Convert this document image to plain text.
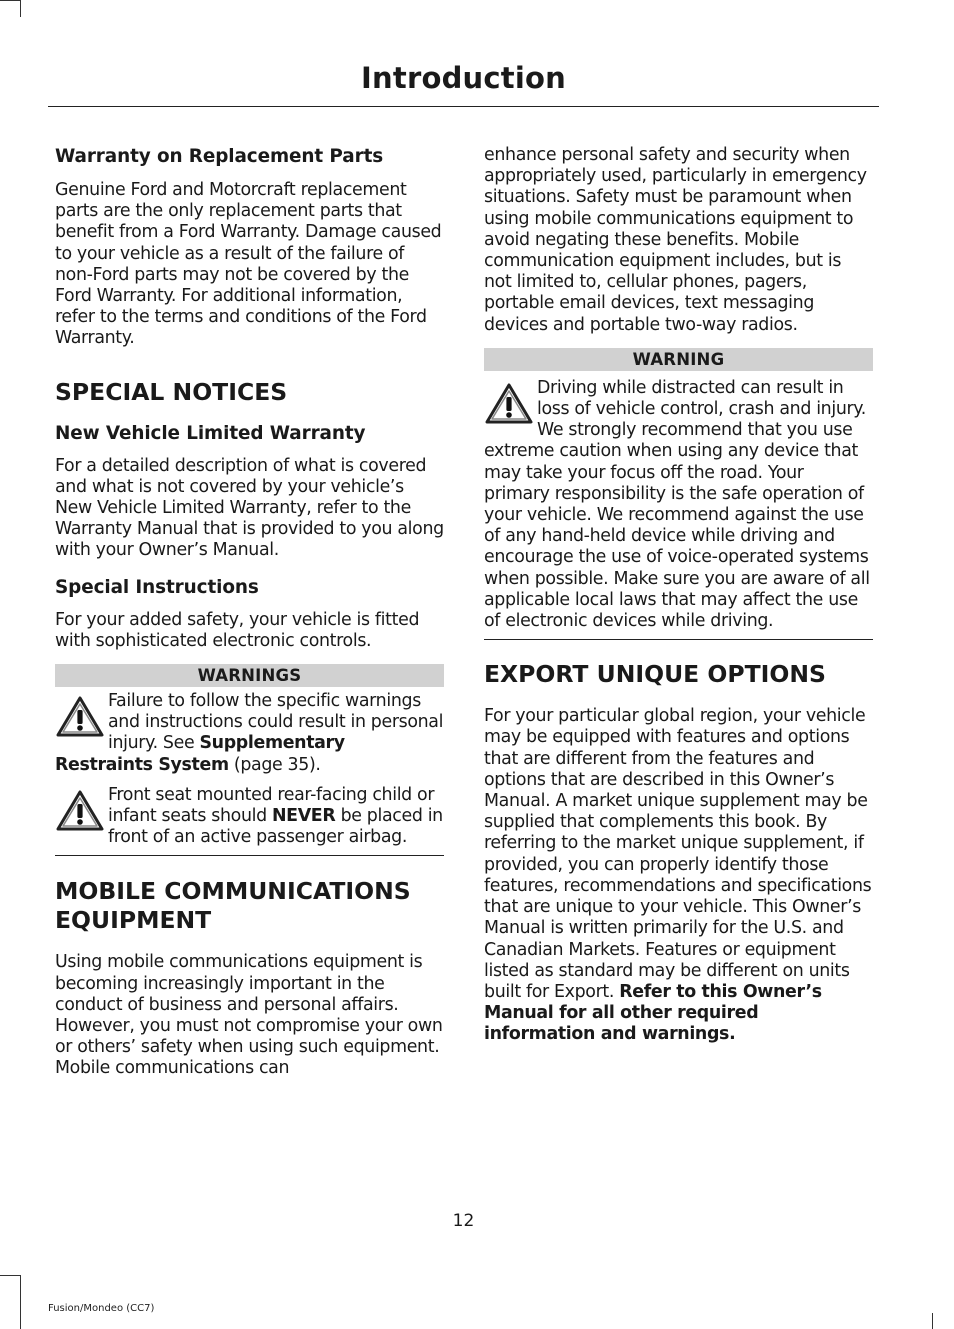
Introduction
Warranty on Replacement Parts

Genuine Ford and Motorcraft replacement parts are the only replacement parts that benefit from a Ford Warranty. Damage caused to your vehicle as a result of the failure of non-Ford parts may not be covered by the Ford Warranty. For additional information, refer to the terms and conditions of the Ford Warranty.

SPECIAL NOTICES
New Vehicle Limited Warranty

For a detailed description of what is covered and what is not covered by your vehicle’s New Vehicle Limited Warranty, refer to the Warranty Manual that is provided to you along with your Owner’s Manual.

Special Instructions

For your added safety, your vehicle is fitted with sophisticated electronic controls.

WARNINGS

Failure to follow the specific warnings and instructions could result in personal injury. See Supplementary Restraints System (page 35).

Front seat mounted rear-facing child or infant seats should NEVER be placed in front of an active passenger airbag.

MOBILE COMMUNICATIONS EQUIPMENT

Using mobile communications equipment is becoming increasingly important in the conduct of business and personal affairs. However, you must not compromise your own or others’ safety when using such equipment. Mobile communications can

enhance personal safety and security when appropriately used, particularly in emergency situations. Safety must be paramount when using mobile communications equipment to avoid negating these benefits. Mobile communication equipment includes, but is not limited to, cellular phones, pagers, portable email devices, text messaging devices and portable two-way radios.

WARNING

Driving while distracted can result in loss of vehicle control, crash and injury. We strongly recommend that you use extreme caution when using any device that may take your focus off the road. Your primary responsibility is the safe operation of your vehicle. We recommend against the use of any hand-held device while driving and encourage the use of voice-operated systems when possible. Make sure you are aware of all applicable local laws that may affect the use of electronic devices while driving.

EXPORT UNIQUE OPTIONS

For your particular global region, your vehicle may be equipped with features and options that are different from the features and options that are described in this Owner’s Manual. A market unique supplement may be supplied that complements this book. By referring to the market unique supplement, if provided, you can properly identify those features, recommendations and specifications that are unique to your vehicle. This Owner’s Manual is written primarily for the U.S. and Canadian Markets. Features or equipment listed as standard may be different on units built for Export. Refer to this Owner’s Manual for all other required information and warnings.

12
Fusion/Mondeo (CC7)
